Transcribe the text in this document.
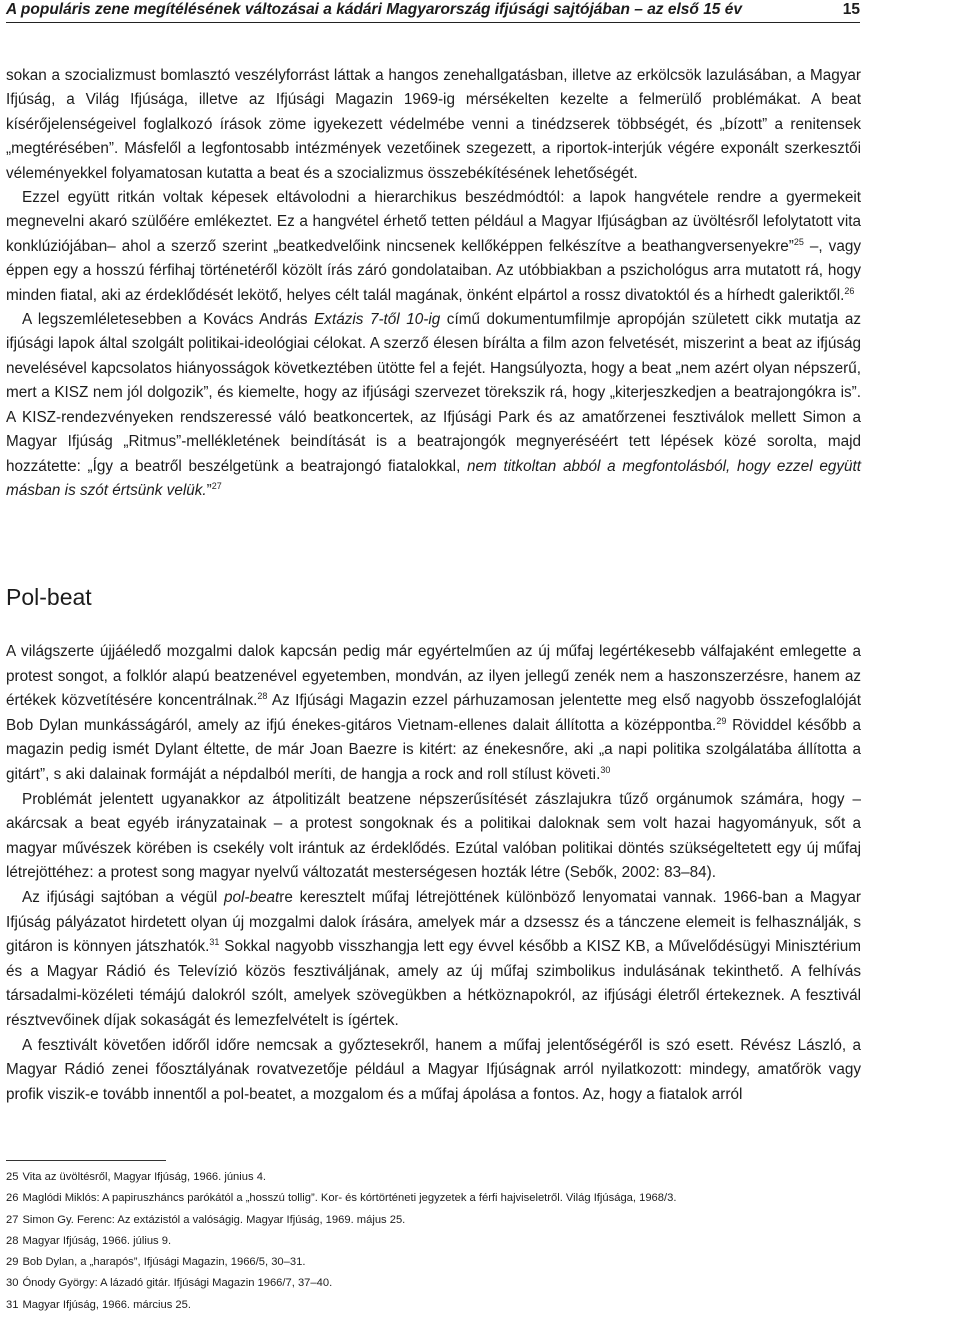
A populáris zene megítélésének változásai a kádári Magyarország ifjúsági sajtójában – az első 15 év	15

sokan a szocializmust bomlasztó veszélyforrást láttak a hangos zenehallgatásban, illetve az erkölcsök lazulásában, a Magyar Ifjúság, a Világ Ifjúsága, illetve az Ifjúsági Magazin 1969-ig mérsékelten kezelte a felmerülő problémákat. A beat kísérőjelenségeivel foglalkozó írások zöme igyekezett védelmébe venni a tinédzserek többségét, és „bízott” a renitensek „megtérésében”. Másfelől a legfontosabb intézmények vezetőinek szegezett, a riportok-interjúk végére exponált szerkesztői véleményekkel folyamatosan kutatta a beat és a szocializmus összebékítésének lehetőségét.

Ezzel együtt ritkán voltak képesek eltávolodni a hierarchikus beszédmódtól: a lapok hangvétele rendre a gyermekeit megnevelni akaró szülőére emlékeztet. Ez a hangvétel érhető tetten például a Magyar Ifjúságban az üvöltésről lefolytatott vita konklúziójában– ahol a szerző szerint „beatkedvelőink nincsenek kellőképpen felkészítve a beathangversenyekre”$^{25}$ –, vagy éppen egy a hosszú férfihaj történetéről közölt írás záró gondolataiban. Az utóbbiakban a pszichológus arra mutatott rá, hogy minden fiatal, aki az érdeklődését lekötő, helyes célt talál magának, önként elpártol a rossz divatoktól és a hírhedt galeriktől.$^{26}$

A legszemléletesebben a Kovács András Extázis 7-től 10-ig című dokumentumfilmje apropóján született cikk mutatja az ifjúsági lapok által szolgált politikai-ideológiai célokat. A szerző élesen bírálta a film azon felvetését, miszerint a beat az ifjúság nevelésével kapcsolatos hiányosságok következtében ütötte fel a fejét. Hangsúlyozta, hogy a beat „nem azért olyan népszerű, mert a KISZ nem jól dolgozik”, és kiemelte, hogy az ifjúsági szervezet törekszik rá, hogy „kiterjeszkedjen a beatrajongókra is”. A KISZ-rendezvényeken rendszeressé váló beatkoncertek, az Ifjúsági Park és az amatőrzenei fesztiválok mellett Simon a Magyar Ifjúság „Ritmus”-mellékletének beindítását is a beatrajongók megnyeréséért tett lépések közé sorolta, majd hozzátette: „Így a beatről beszélgetünk a beatrajongó fiatalokkal, nem titkoltan abból a megfontolásból, hogy ezzel együtt másban is szót értsünk velük.”$^{27}$

Pol-beat

A világszerte újjáéledő mozgalmi dalok kapcsán pedig már egyértelműen az új műfaj legértékesebb válfajaként emlegette a protest songot, a folklór alapú beatzenével egyetemben, mondván, az ilyen jellegű zenék nem a haszonszerzésre, hanem az értékek közvetítésére koncentrálnak.$^{28}$ Az Ifjúsági Magazin ezzel párhuzamosan jelentette meg első nagyobb összefoglalóját Bob Dylan munkásságáról, amely az ifjú énekes-gitáros Vietnam-ellenes dalait állította a középpontba.$^{29}$ Röviddel később a magazin pedig ismét Dylant éltette, de már Joan Baezre is kitért: az énekesnőre, aki „a napi politika szolgálatába állította a gitárt”, s aki dalainak formáját a népdalból meríti, de hangja a rock and roll stílust követi.$^{30}$

Problémát jelentett ugyanakkor az átpolitizált beatzene népszerűsítését zászlajukra tűző orgánumok számára, hogy – akárcsak a beat egyéb irányzatainak – a protest songoknak és a politikai daloknak sem volt hazai hagyományuk, sőt a magyar művészek körében is csekély volt irántuk az érdeklődés. Ezútal valóban politikai döntés szükségeltetett egy új műfaj létrejöttéhez: a protest song magyar nyelvű változatát mesterségesen hozták létre (Sebők, 2002: 83–84).

Az ifjúsági sajtóban a végül pol-beatre keresztelt műfaj létrejöttének különböző lenyomatai vannak. 1966-ban a Magyar Ifjúság pályázatot hirdetett olyan új mozgalmi dalok írására, amelyek már a dzsessz és a tánczene elemeit is felhasználják, s gitáron is könnyen játszhatók.$^{31}$ Sokkal nagyobb visszhangja lett egy évvel később a KISZ KB, a Művelődésügyi Minisztérium és a Magyar Rádió és Televízió közös fesztiváljának, amely az új műfaj szimbolikus indulásának tekinthető. A felhívás társadalmi-közéleti témájú dalokról szólt, amelyek szövegükben a hétköznapokról, az ifjúsági életről értekeznek. A fesztivál résztvevőinek díjak sokaságát és lemezfelvételt is ígértek.

A fesztivált követően időről időre nemcsak a győztesekről, hanem a műfaj jelentőségéről is szó esett. Révész László, a Magyar Rádió zenei főosztályának rovatvezetője például a Magyar Ifjúságnak arról nyilatkozott: mindegy, amatőrök vagy profik viszik-e tovább innentől a pol-beatet, a mozgalom és a műfaj ápolása a fontos. Az, hogy a fiatalok arról

25 Vita az üvöltésről, Magyar Ifjúság, 1966. június 4.
26 Maglódi Miklós: A papiruszháncs parókától a „hosszú tollig”. Kor- és kórtörténeti jegyzetek a férfi hajviseletről. Világ Ifjúsága, 1968/3.
27 Simon Gy. Ferenc: Az extázistól a valóságig. Magyar Ifjúság, 1969. május 25.
28 Magyar Ifjúság, 1966. július 9.
29 Bob Dylan, a „harapós”, Ifjúsági Magazin, 1966/5, 30–31.
30 Ónody György: A lázadó gitár. Ifjúsági Magazin 1966/7, 37–40.
31 Magyar Ifjúság, 1966. március 25.
